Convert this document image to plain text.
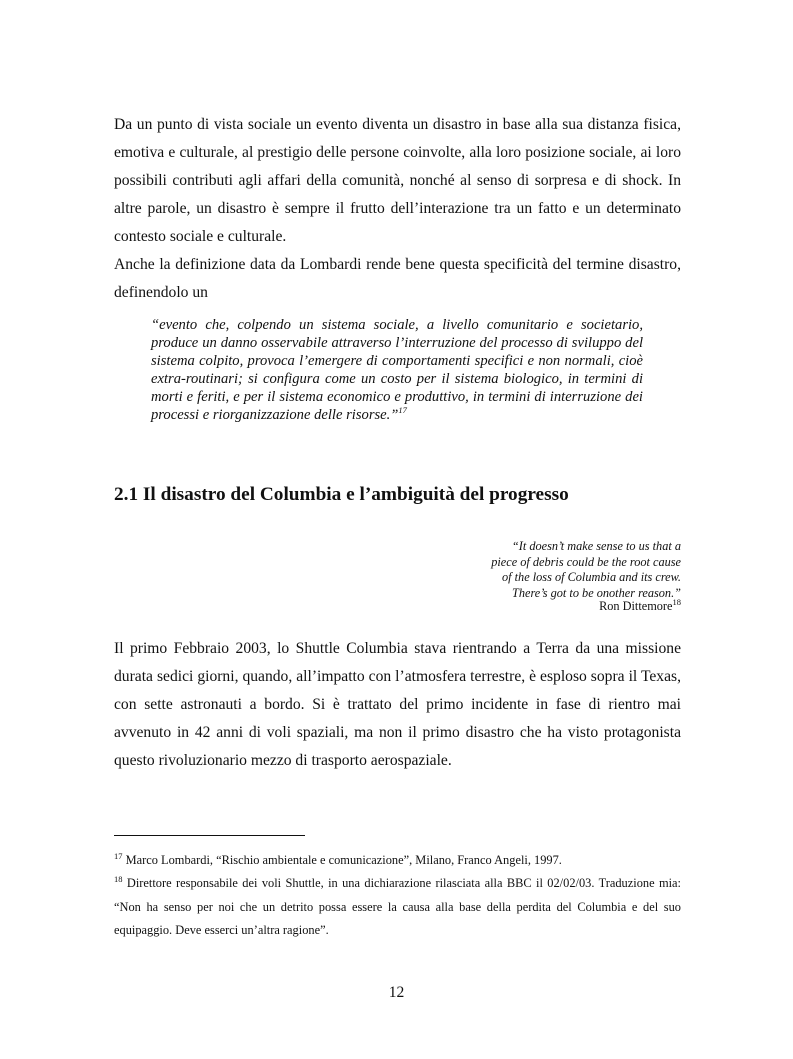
Da un punto di vista sociale un evento diventa un disastro in base alla sua distanza fisica, emotiva e culturale, al prestigio delle persone coinvolte, alla loro posizione sociale, ai loro possibili contributi agli affari della comunità, nonché al senso di sorpresa e di shock. In altre parole, un disastro è sempre il frutto dell’interazione tra un fatto e un determinato contesto sociale e culturale.

Anche la definizione data da Lombardi rende bene questa specificità del termine disastro, definendolo un

“evento che, colpendo un sistema sociale, a livello comunitario e societario, produce un danno osservabile attraverso l’interruzione del processo di sviluppo del sistema colpito, provoca l’emergere di comportamenti specifici e non normali, cioè extra-routinari; si configura come un costo per il sistema biologico, in termini di morti e feriti, e per il sistema economico e produttivo, in termini di interruzione dei processi e riorganizzazione delle risorse.”$^{17}$

2.1 Il disastro del Columbia e l’ambiguità del progresso
“It doesn’t make sense to us that a
piece of debris could be the root cause
of the loss of Columbia and its crew.
There’s got to be onother reason.”
Ron Dittemore$^{18}$

Il primo Febbraio 2003, lo Shuttle Columbia stava rientrando a Terra da una missione durata sedici giorni, quando, all’impatto con l’atmosfera terrestre, è esploso sopra il Texas, con sette astronauti a bordo. Si è trattato del primo incidente in fase di rientro mai avvenuto in 42 anni di voli spaziali, ma non il primo disastro che ha visto protagonista questo rivoluzionario mezzo di trasporto aerospaziale.

$^{17}$ Marco Lombardi, “Rischio ambientale e comunicazione”, Milano, Franco Angeli, 1997.

$^{18}$ Direttore responsabile dei voli Shuttle, in una dichiarazione rilasciata alla BBC il 02/02/03. Traduzione mia: “Non ha senso per noi che un detrito possa essere la causa alla base della perdita del Columbia e del suo equipaggio. Deve esserci un’altra ragione”.

12
